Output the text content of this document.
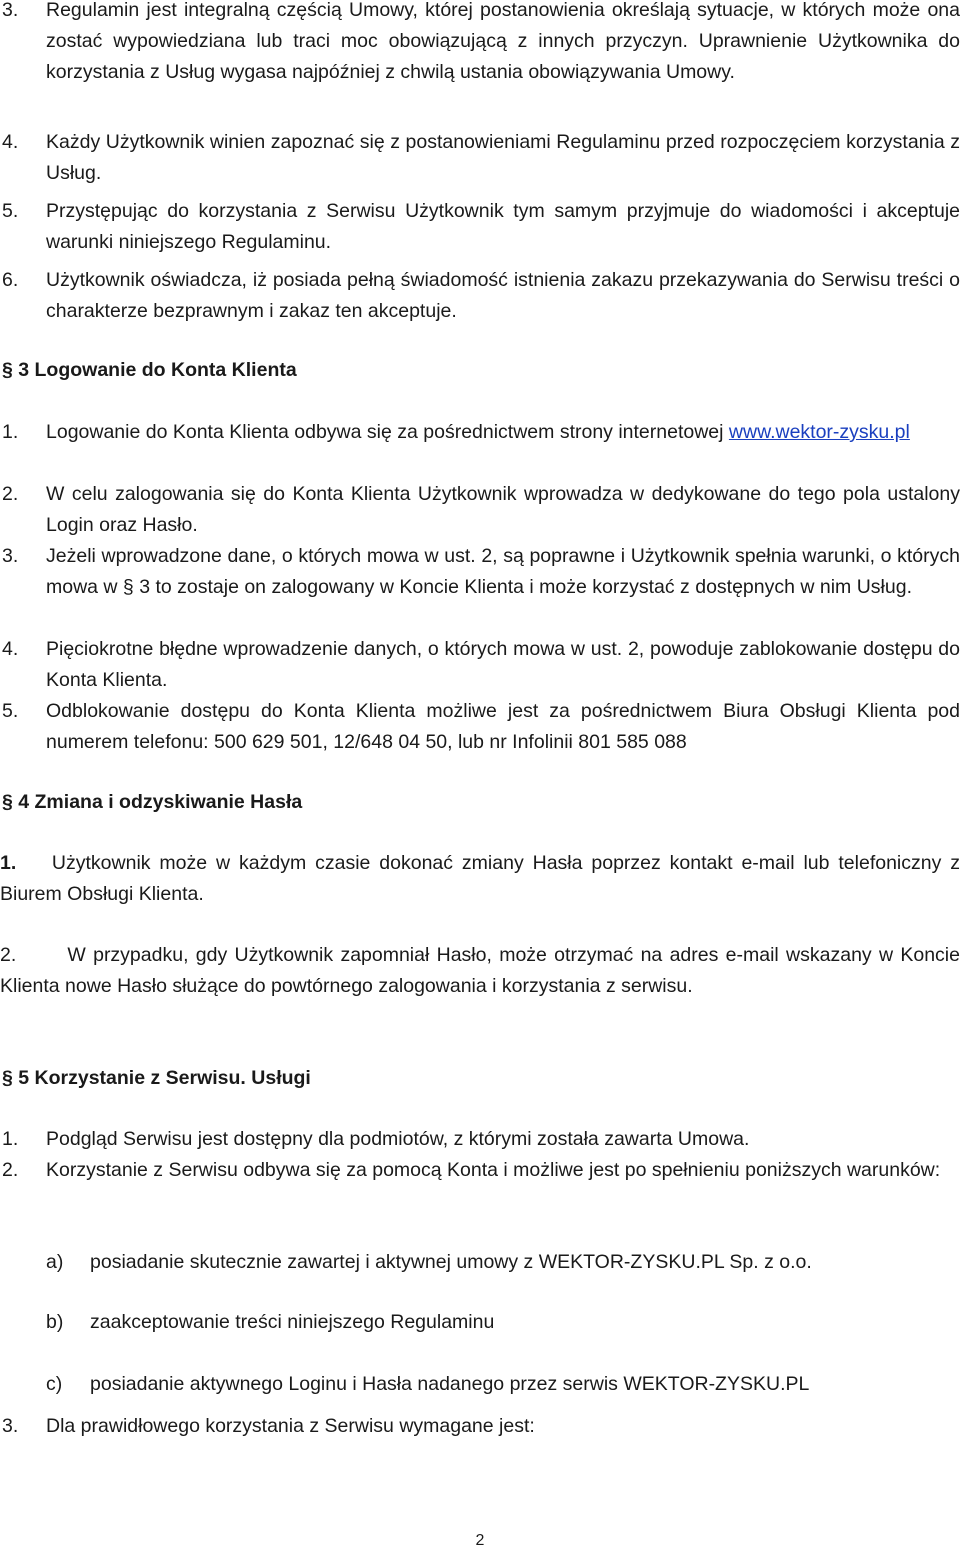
3. Regulamin jest integralną częścią Umowy, której postanowienia określają sytuacje, w których może ona zostać wypowiedziana lub traci moc obowiązującą z innych przyczyn. Uprawnienie Użytkownika do korzystania z Usług wygasa najpóźniej z chwilą ustania obowiązywania Umowy.
4. Każdy Użytkownik winien zapoznać się z postanowieniami Regulaminu przed rozpoczęciem korzystania z Usług.
5. Przystępując do korzystania z Serwisu Użytkownik tym samym przyjmuje do wiadomości i akceptuje warunki niniejszego Regulaminu.
6. Użytkownik oświadcza, iż posiada pełną świadomość istnienia zakazu przekazywania do Serwisu treści o charakterze bezprawnym i zakaz ten akceptuje.
§ 3 Logowanie do Konta Klienta
1. Logowanie do Konta Klienta odbywa się za pośrednictwem strony internetowej www.wektor-zysku.pl
2. W celu zalogowania się do Konta Klienta Użytkownik wprowadza w dedykowane do tego pola ustalony Login oraz Hasło.
3. Jeżeli wprowadzone dane, o których mowa w ust. 2, są poprawne i Użytkownik spełnia warunki, o których mowa w § 3 to zostaje on zalogowany w Koncie Klienta i może korzystać z dostępnych w nim Usług.
4. Pięciokrotne błędne wprowadzenie danych, o których mowa w ust. 2, powoduje zablokowanie dostępu do Konta Klienta.
5. Odblokowanie dostępu do Konta Klienta możliwe jest za pośrednictwem Biura Obsługi Klienta pod numerem telefonu: 500 629 501, 12/648 04 50, lub nr Infolinii 801 585 088
§ 4 Zmiana i odzyskiwanie Hasła

1. Użytkownik może w każdym czasie dokonać zmiany Hasła poprzez kontakt e-mail lub telefoniczny z Biurem Obsługi Klienta.

2.	W przypadku, gdy Użytkownik zapomniał Hasło, może otrzymać na adres e-mail wskazany w Koncie Klienta nowe Hasło służące do powtórnego zalogowania i korzystania z serwisu.

§ 5 Korzystanie z Serwisu. Usługi
1. Podgląd Serwisu jest dostępny dla podmiotów, z którymi została zawarta Umowa.
2. Korzystanie z Serwisu odbywa się za pomocą Konta i możliwe jest po spełnieniu poniższych warunków:
a) posiadanie skutecznie zawartej i aktywnej umowy z WEKTOR-ZYSKU.PL Sp. z o.o.
b) zaakceptowanie treści niniejszego Regulaminu
c) posiadanie aktywnego Loginu i Hasła nadanego przez serwis WEKTOR-ZYSKU.PL
3. Dla prawidłowego korzystania z Serwisu wymagane jest:
2
